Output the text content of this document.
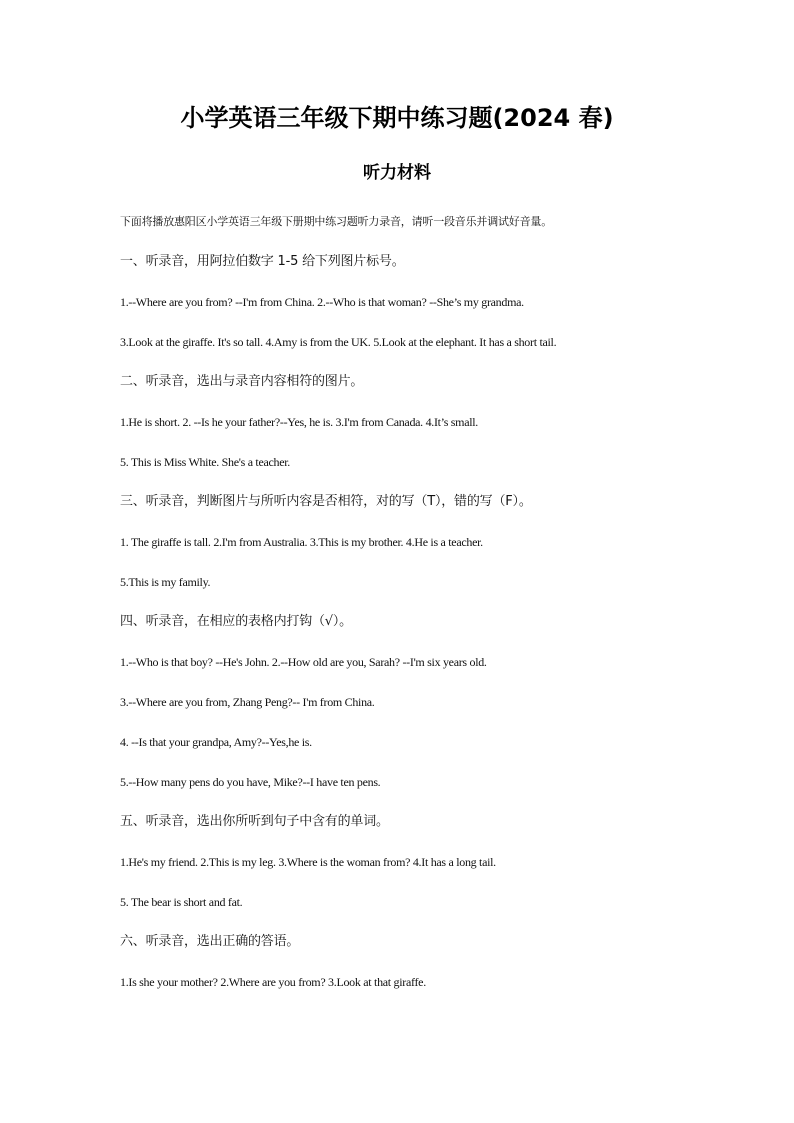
小学英语三年级下期中练习题(2024 春)
听力材料
下面将播放惠阳区小学英语三年级下册期中练习题听力录音，请听一段音乐并调试好音量。
一、听录音，用阿拉伯数字 1-5 给下列图片标号。
1.--Where are you from? --I'm from China. 2.--Who is that woman? --She’s my grandma.
3.Look at the giraffe. It's so tall. 4.Amy is from the UK. 5.Look at the elephant. It has a short tail.
二、听录音，选出与录音内容相符的图片。
1.He is short. 2. --Is he your father?--Yes, he is. 3.I'm from Canada. 4.It’s small.
5. This is Miss White. She's a teacher.
三、听录音，判断图片与所听内容是否相符，对的写（T），错的写（F）。
1. The giraffe is tall. 2.I'm from Australia. 3.This is my brother. 4.He is a teacher.
5.This is my family.
四、听录音，在相应的表格内打钩（√）。
1.--Who is that boy? --He's John. 2.--How old are you, Sarah? --I'm six years old.
3.--Where are you from, Zhang Peng?-- I'm from China.
4. --Is that your grandpa, Amy?--Yes,he is.
5.--How many pens do you have, Mike?--I have ten pens.
五、听录音，选出你所听到句子中含有的单词。
1.He's my friend. 2.This is my leg. 3.Where is the woman from? 4.It has a long tail.
5. The bear is short and fat.
六、听录音，选出正确的答语。
1.Is she your mother? 2.Where are you from? 3.Look at that giraffe.
